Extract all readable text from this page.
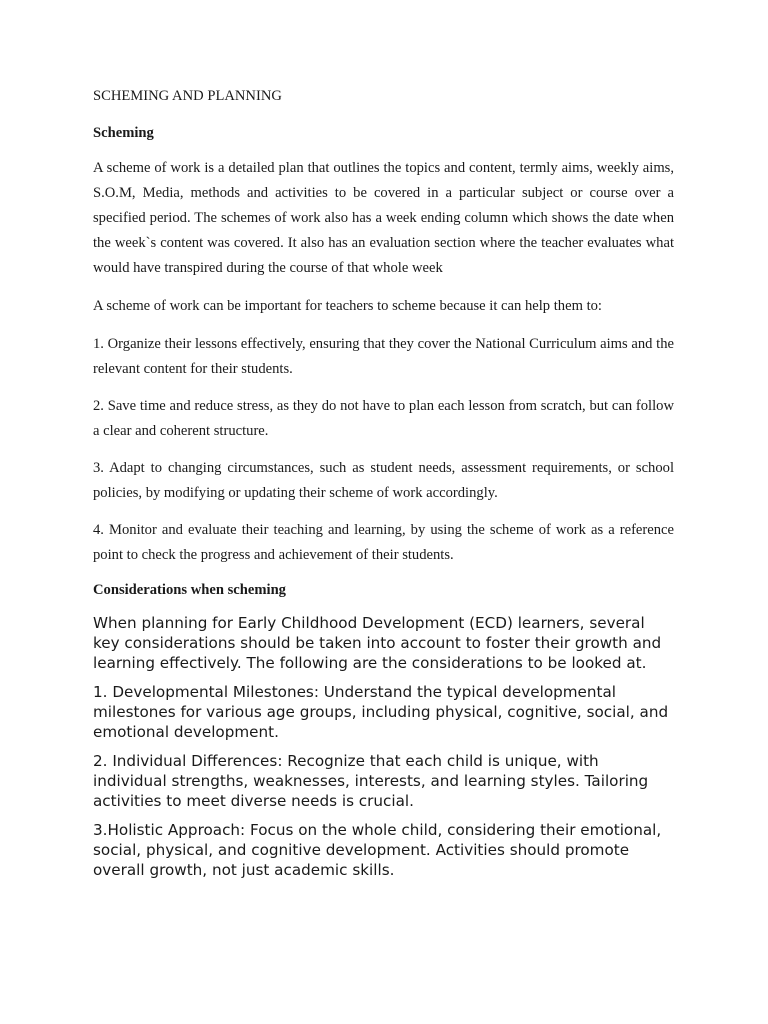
SCHEMING AND PLANNING

Scheming

A scheme of work is a detailed plan that outlines the topics and content, termly aims, weekly aims, S.O.M, Media, methods and activities to be covered in a particular subject or course over a specified period. The schemes of work also has a week ending column which shows the date when the week`s content was covered. It also has an evaluation section where the teacher evaluates what would have transpired during the course of that whole week

A scheme of work can be important for teachers to scheme because it can help them to:

1. Organize their lessons effectively, ensuring that they cover the National Curriculum aims and the relevant content for their students.

2. Save time and reduce stress, as they do not have to plan each lesson from scratch, but can follow a clear and coherent structure.

3. Adapt to changing circumstances, such as student needs, assessment requirements, or school policies, by modifying or updating their scheme of work accordingly.

4. Monitor and evaluate their teaching and learning, by using the scheme of work as a reference point to check the progress and achievement of their students.

Considerations when scheming

When planning for Early Childhood Development (ECD) learners, several key considerations should be taken into account to foster their growth and learning effectively. The following are the considerations to be looked at.

1. Developmental Milestones: Understand the typical developmental milestones for various age groups, including physical, cognitive, social, and emotional development.

2. Individual Differences: Recognize that each child is unique, with individual strengths, weaknesses, interests, and learning styles. Tailoring activities to meet diverse needs is crucial.

3.Holistic Approach: Focus on the whole child, considering their emotional, social, physical, and cognitive development. Activities should promote overall growth, not just academic skills.
